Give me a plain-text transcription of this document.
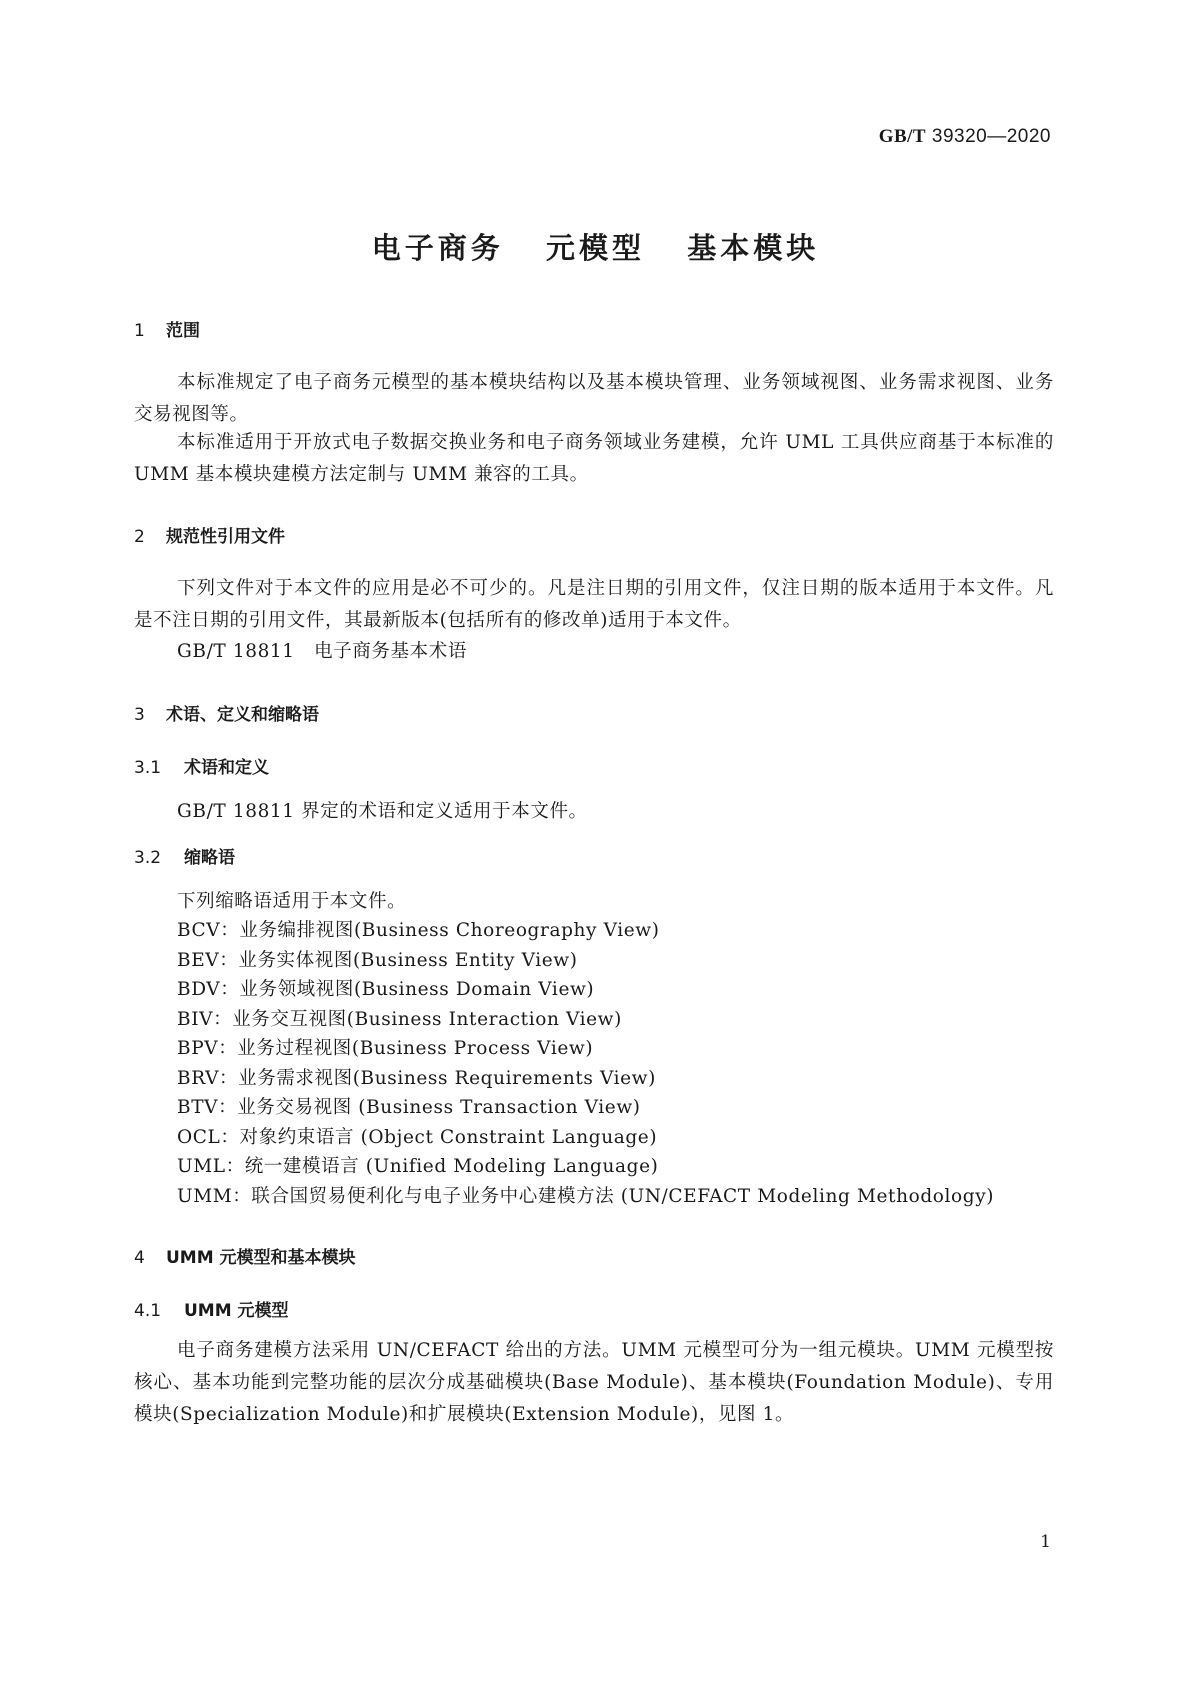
GB/T 39320—2020
电子商务   元模型   基本模块
1 范围
本标准规定了电子商务元模型的基本模块结构以及基本模块管理、业务领域视图、业务需求视图、业务交易视图等。
本标准适用于开放式电子数据交换业务和电子商务领域业务建模，允许 UML 工具供应商基于本标准的 UMM 基本模块建模方法定制与 UMM 兼容的工具。
2 规范性引用文件
下列文件对于本文件的应用是必不可少的。凡是注日期的引用文件，仅注日期的版本适用于本文件。凡是不注日期的引用文件，其最新版本(包括所有的修改单)适用于本文件。
GB/T 18811   电子商务基本术语
3 术语、定义和缩略语
3.1 术语和定义
GB/T 18811 界定的术语和定义适用于本文件。
3.2 缩略语
下列缩略语适用于本文件。
BCV：业务编排视图(Business Choreography View)
BEV：业务实体视图(Business Entity View)
BDV：业务领域视图(Business Domain View)
BIV：业务交互视图(Business Interaction View)
BPV：业务过程视图(Business Process View)
BRV：业务需求视图(Business Requirements View)
BTV：业务交易视图 (Business Transaction View)
OCL：对象约束语言 (Object Constraint Language)
UML：统一建模语言 (Unified Modeling Language)
UMM：联合国贸易便利化与电子业务中心建模方法 (UN/CEFACT Modeling Methodology)
4 UMM 元模型和基本模块
4.1 UMM 元模型
电子商务建模方法采用 UN/CEFACT 给出的方法。UMM 元模型可分为一组元模块。UMM 元模型按核心、基本功能到完整功能的层次分成基础模块(Base Module)、基本模块(Foundation Module)、专用模块(Specialization Module)和扩展模块(Extension Module)，见图 1。
1
